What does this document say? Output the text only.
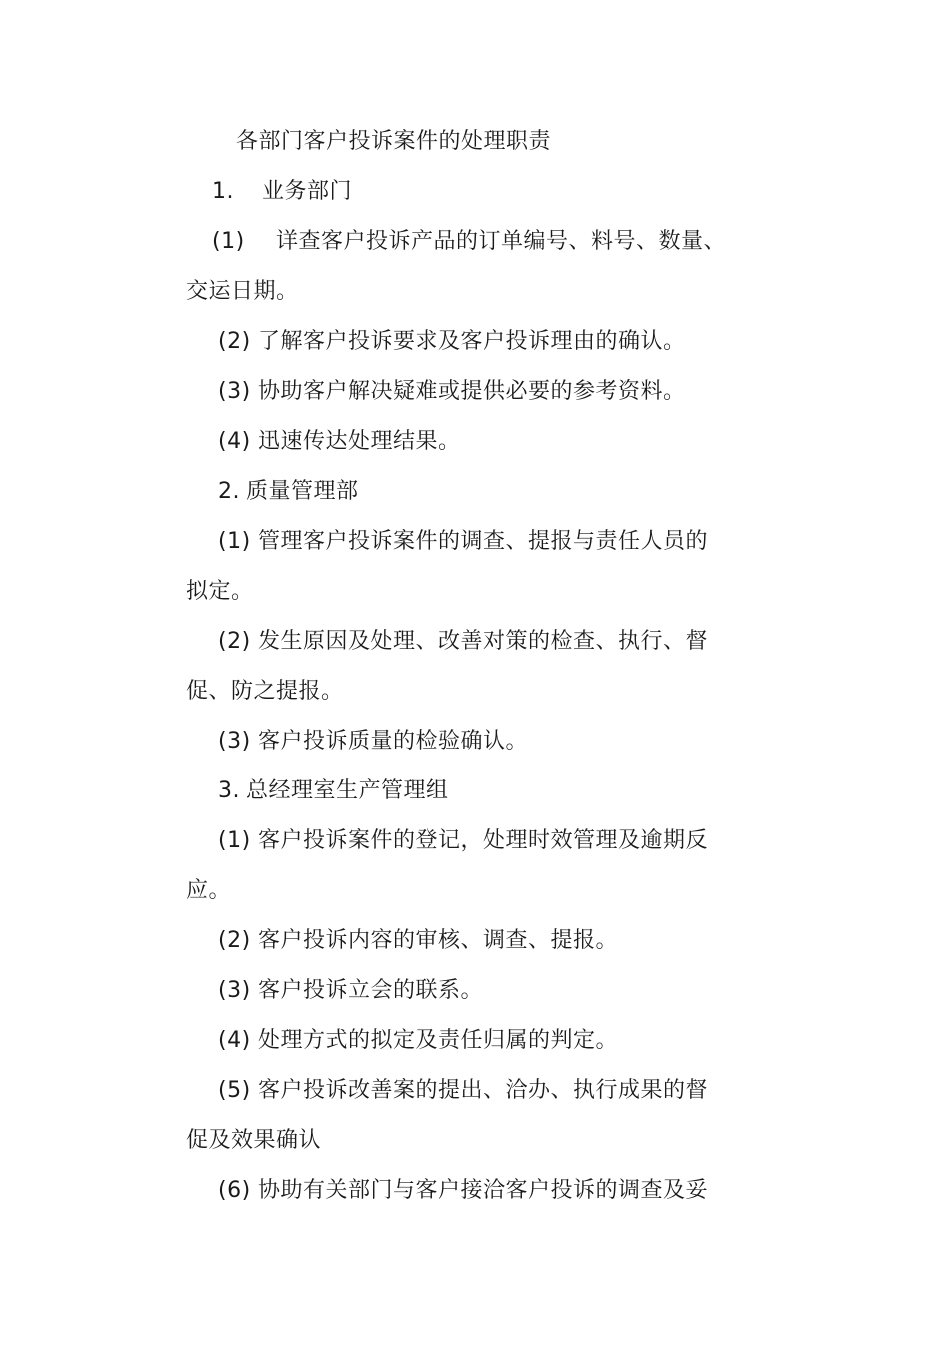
各部门客户投诉案件的处理职责
1. 业务部门
(1) 详查客户投诉产品的订单编号、料号、数量、
交运日期。
(2) 了解客户投诉要求及客户投诉理由的确认。
(3) 协助客户解决疑难或提供必要的参考资料。
(4) 迅速传达处理结果。
2. 质量管理部
(1) 管理客户投诉案件的调查、提报与责任人员的
拟定。
(2) 发生原因及处理、改善对策的检查、执行、督
促、防之提报。
(3) 客户投诉质量的检验确认。
3. 总经理室生产管理组
(1) 客户投诉案件的登记，处理时效管理及逾期反
应。
(2) 客户投诉内容的审核、调查、提报。
(3) 客户投诉立会的联系。
(4) 处理方式的拟定及责任归属的判定。
(5) 客户投诉改善案的提出、洽办、执行成果的督
促及效果确认
(6) 协助有关部门与客户接洽客户投诉的调查及妥
